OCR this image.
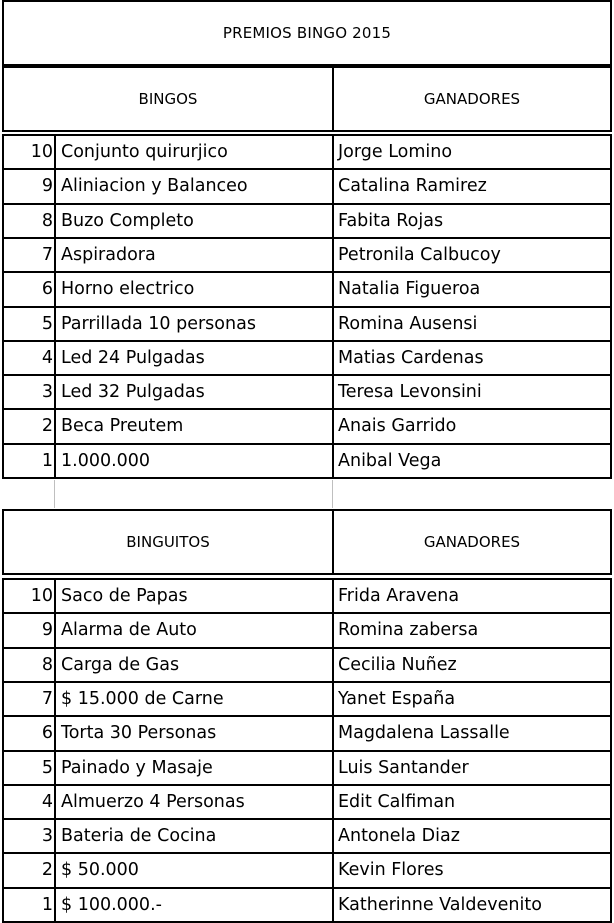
PREMIOS BINGO 2015
BINGOS	GANADORES
10 Conjunto quirurjico	Jorge Lomino
9 Aliniacion y Balanceo	Catalina Ramirez
8 Buzo Completo	Fabita Rojas
7 Aspiradora	Petronila Calbucoy
6 Horno electrico	Natalia Figueroa
5 Parrillada 10 personas	Romina Ausensi
4 Led 24 Pulgadas	Matias Cardenas
3 Led 32 Pulgadas	Teresa Levonsini
2 Beca Preutem	Anais Garrido
1 1.000.000	Anibal Vega
BINGUITOS	GANADORES
10 Saco de Papas	Frida Aravena
9 Alarma de Auto	Romina zabersa
8 Carga de Gas	Cecilia Nuñez
7 $ 15.000 de Carne	Yanet España
6 Torta 30 Personas	Magdalena Lassalle
5 Painado y Masaje	Luis Santander
4 Almuerzo 4 Personas	Edit Calfiman
3 Bateria de Cocina	Antonela Diaz
2 $ 50.000	Kevin Flores
1 $ 100.000.-	Katherinne Valdevenito
